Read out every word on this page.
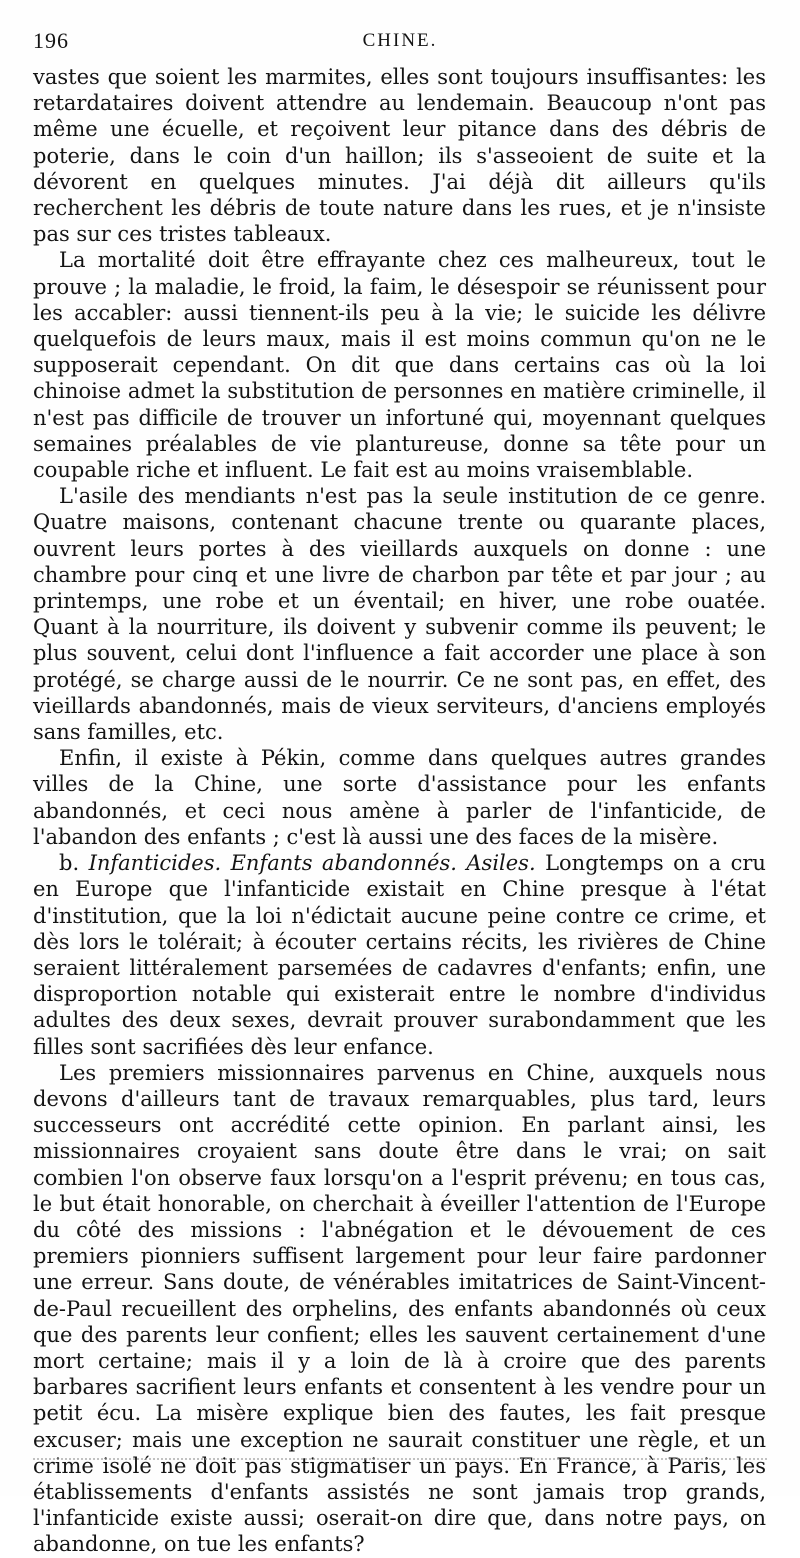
196	CHINE.

vastes que soient les marmites, elles sont toujours insuffisantes: les retardataires doivent attendre au lendemain. Beaucoup n'ont pas même une écuelle, et reçoivent leur pitance dans des débris de poterie, dans le coin d'un haillon; ils s'asseoient de suite et la dévorent en quelques minutes. J'ai déjà dit ailleurs qu'ils recherchent les débris de toute nature dans les rues, et je n'insiste pas sur ces tristes tableaux.

La mortalité doit être effrayante chez ces malheureux, tout le prouve ; la maladie, le froid, la faim, le désespoir se réunissent pour les accabler: aussi tiennent-ils peu à la vie; le suicide les délivre quelquefois de leurs maux, mais il est moins commun qu'on ne le supposerait cependant. On dit que dans certains cas où la loi chinoise admet la substitution de personnes en matière criminelle, il n'est pas difficile de trouver un infortuné qui, moyennant quelques semaines préalables de vie plantureuse, donne sa tête pour un coupable riche et influent. Le fait est au moins vraisemblable.

L'asile des mendiants n'est pas la seule institution de ce genre. Quatre maisons, contenant chacune trente ou quarante places, ouvrent leurs portes à des vieillards auxquels on donne : une chambre pour cinq et une livre de charbon par tête et par jour ; au printemps, une robe et un éventail; en hiver, une robe ouatée. Quant à la nourriture, ils doivent y subvenir comme ils peuvent; le plus souvent, celui dont l'influence a fait accorder une place à son protégé, se charge aussi de le nourrir. Ce ne sont pas, en effet, des vieillards abandonnés, mais de vieux serviteurs, d'anciens employés sans familles, etc.

Enfin, il existe à Pékin, comme dans quelques autres grandes villes de la Chine, une sorte d'assistance pour les enfants abandonnés, et ceci nous amène à parler de l'infanticide, de l'abandon des enfants ; c'est là aussi une des faces de la misère.

b. Infanticides. Enfants abandonnés. Asiles. Longtemps on a cru en Europe que l'infanticide existait en Chine presque à l'état d'institution, que la loi n'édictait aucune peine contre ce crime, et dès lors le tolérait; à écouter certains récits, les rivières de Chine seraient littéralement parsemées de cadavres d'enfants; enfin, une disproportion notable qui existerait entre le nombre d'individus adultes des deux sexes, devrait prouver surabondamment que les filles sont sacrifiées dès leur enfance.

Les premiers missionnaires parvenus en Chine, auxquels nous devons d'ailleurs tant de travaux remarquables, plus tard, leurs successeurs ont accrédité cette opinion. En parlant ainsi, les missionnaires croyaient sans doute être dans le vrai; on sait combien l'on observe faux lorsqu'on a l'esprit prévenu; en tous cas, le but était honorable, on cherchait à éveiller l'attention de l'Europe du côté des missions : l'abnégation et le dévouement de ces premiers pionniers suffisent largement pour leur faire pardonner une erreur. Sans doute, de vénérables imitatrices de Saint-Vincent-de-Paul recueillent des orphelins, des enfants abandonnés où ceux que des parents leur confient; elles les sauvent certainement d'une mort certaine; mais il y a loin de là à croire que des parents barbares sacrifient leurs enfants et consentent à les vendre pour un petit écu. La misère explique bien des fautes, les fait presque excuser; mais une exception ne saurait constituer une règle, et un crime isolé ne doit pas stigmatiser un pays. En France, à Paris, les établissements d'enfants assistés ne sont jamais trop grands, l'infanticide existe aussi; oserait-on dire que, dans notre pays, on abandonne, on tue les enfants?
